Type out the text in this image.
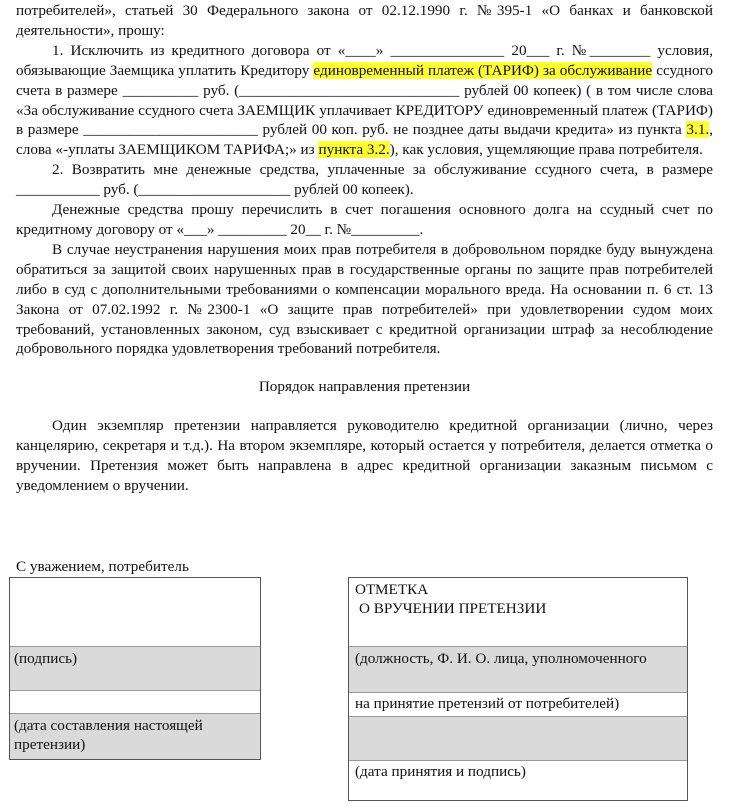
потребителей», статьей 30 Федерального закона от 02.12.1990 г. №395-1 «О банках и банковской деятельности», прошу:

1. Исключить из кредитного договора от «____» _______________ 20___ г. №________ условия, обязывающие Заемщика уплатить Кредитору единовременный платеж (ТАРИФ) за обслуживание ссудного счета в размере __________ руб. (_____________________________ рублей 00 копеек) ( в том числе слова «За обслуживание ссудного счета ЗАЕМЩИК уплачивает КРЕДИТОРУ единовременный платеж (ТАРИФ) в размере _______________________ рублей 00 коп. руб. не позднее даты выдачи кредита» из пункта 3.1., слова «-уплаты ЗАЕМЩИКОМ ТАРИФА;» из пункта 3.2.), как условия, ущемляющие права потребителя.

2. Возвратить мне денежные средства, уплаченные за обслуживание ссудного счета, в размере ___________ руб. (____________________ рублей 00 копеек).

Денежные средства прошу перечислить в счет погашения основного долга на ссудный счет по кредитному договору от «___» _________ 20__ г. №_________.

В случае неустранения нарушения моих прав потребителя в добровольном порядке буду вынуждена обратиться за защитой своих нарушенных прав в государственные органы по защите прав потребителей либо в суд с дополнительными требованиями о компенсации морального вреда. На основании п. 6 ст. 13 Закона от 07.02.1992 г. №2300-1 «О защите прав потребителей» при удовлетворении судом моих требований, установленных законом, суд взыскивает с кредитной организации штраф за несоблюдение добровольного порядка удовлетворения требований потребителя.

Порядок направления претензии

Один экземпляр претензии направляется руководителю кредитной организации (лично, через канцелярию, секретаря и т.д.). На втором экземпляре, который остается у потребителя, делается отметка о вручении. Претензия может быть направлена в адрес кредитной организации заказным письмом с уведомлением о вручении.

С уважением, потребитель
(подпись)
(дата составления настоящей претензии)
ОТМЕТКА
О ВРУЧЕНИИ ПРЕТЕНЗИИ
(должность, Ф. И. О. лица, уполномоченного
на принятие претензий от потребителей)
(дата принятия и подпись)
